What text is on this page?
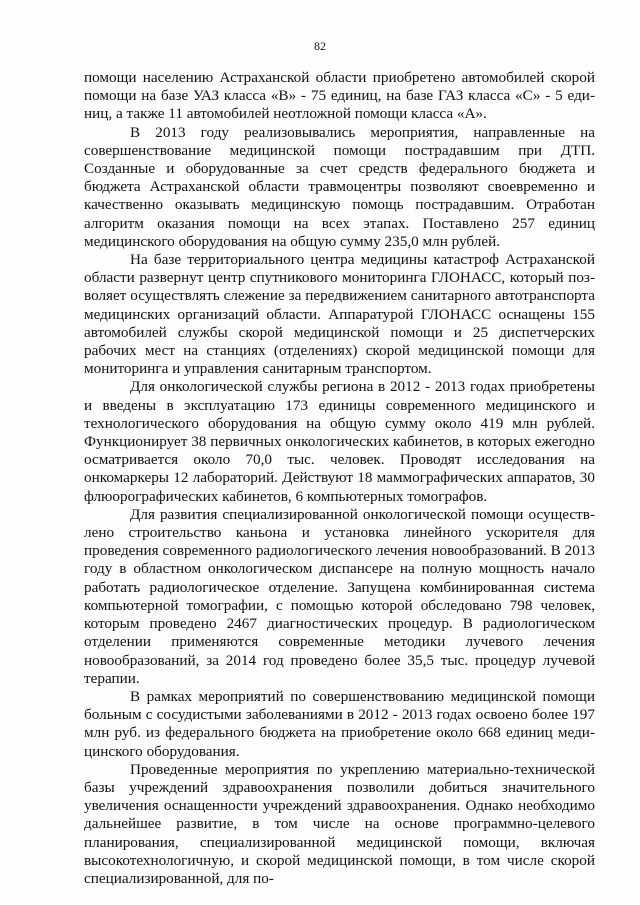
82

помощи населению Астраханской области приобретено автомобилей скорой помощи на базе УАЗ класса «В» - 75 единиц, на базе ГАЗ класса «С» - 5 единиц, а также 11 автомобилей неотложной помощи класса «А».

В 2013 году реализовывались мероприятия, направленные на совершенствование медицинской помощи пострадавшим при ДТП. Созданные и оборудованные за счет средств федерального бюджета и бюджета Астраханской области травмоцентры позволяют своевременно и качественно оказывать медицинскую помощь пострадавшим. Отработан алгоритм оказания помощи на всех этапах. Поставлено 257 единиц медицинского оборудования на общую сумму 235,0 млн рублей.

На базе территориального центра медицины катастроф Астраханской области развернут центр спутникового мониторинга ГЛОНАСС, который позволяет осуществлять слежение за передвижением санитарного автотранспорта медицинских организаций области. Аппаратурой ГЛОНАСС оснащены 155 автомобилей службы скорой медицинской помощи и 25 диспетчерских рабочих мест на станциях (отделениях) скорой медицинской помощи для мониторинга и управления санитарным транспортом.

Для онкологической службы региона в 2012 - 2013 годах приобретены и введены в эксплуатацию 173 единицы современного медицинского и технологического оборудования на общую сумму около 419 млн рублей. Функционирует 38 первичных онкологических кабинетов, в которых ежегодно осматривается около 70,0 тыс. человек. Проводят исследования на онкомаркеры 12 лабораторий. Действуют 18 маммографических аппаратов, 30 флюорографических кабинетов, 6 компьютерных томографов.

Для развития специализированной онкологической помощи осуществлено строительство каньона и установка линейного ускорителя для проведения современного радиологического лечения новообразований. В 2013 году в областном онкологическом диспансере на полную мощность начало работать радиологическое отделение. Запущена комбинированная система компьютерной томографии, с помощью которой обследовано 798 человек, которым проведено 2467 диагностических процедур. В радиологическом отделении применяются современные методики лучевого лечения новообразований, за 2014 год проведено более 35,5 тыс. процедур лучевой терапии.

В рамках мероприятий по совершенствованию медицинской помощи больным с сосудистыми заболеваниями в 2012 - 2013 годах освоено более 197 млн руб. из федерального бюджета на приобретение около 668 единиц медицинского оборудования.

Проведенные мероприятия по укреплению материально-технической базы учреждений здравоохранения позволили добиться значительного увеличения оснащенности учреждений здравоохранения. Однако необходимо дальнейшее развитие, в том числе на основе программно-целевого планирования, специализированной медицинской помощи, включая высокотехнологичную, и скорой медицинской помощи, в том числе скорой специализированной, для по-
